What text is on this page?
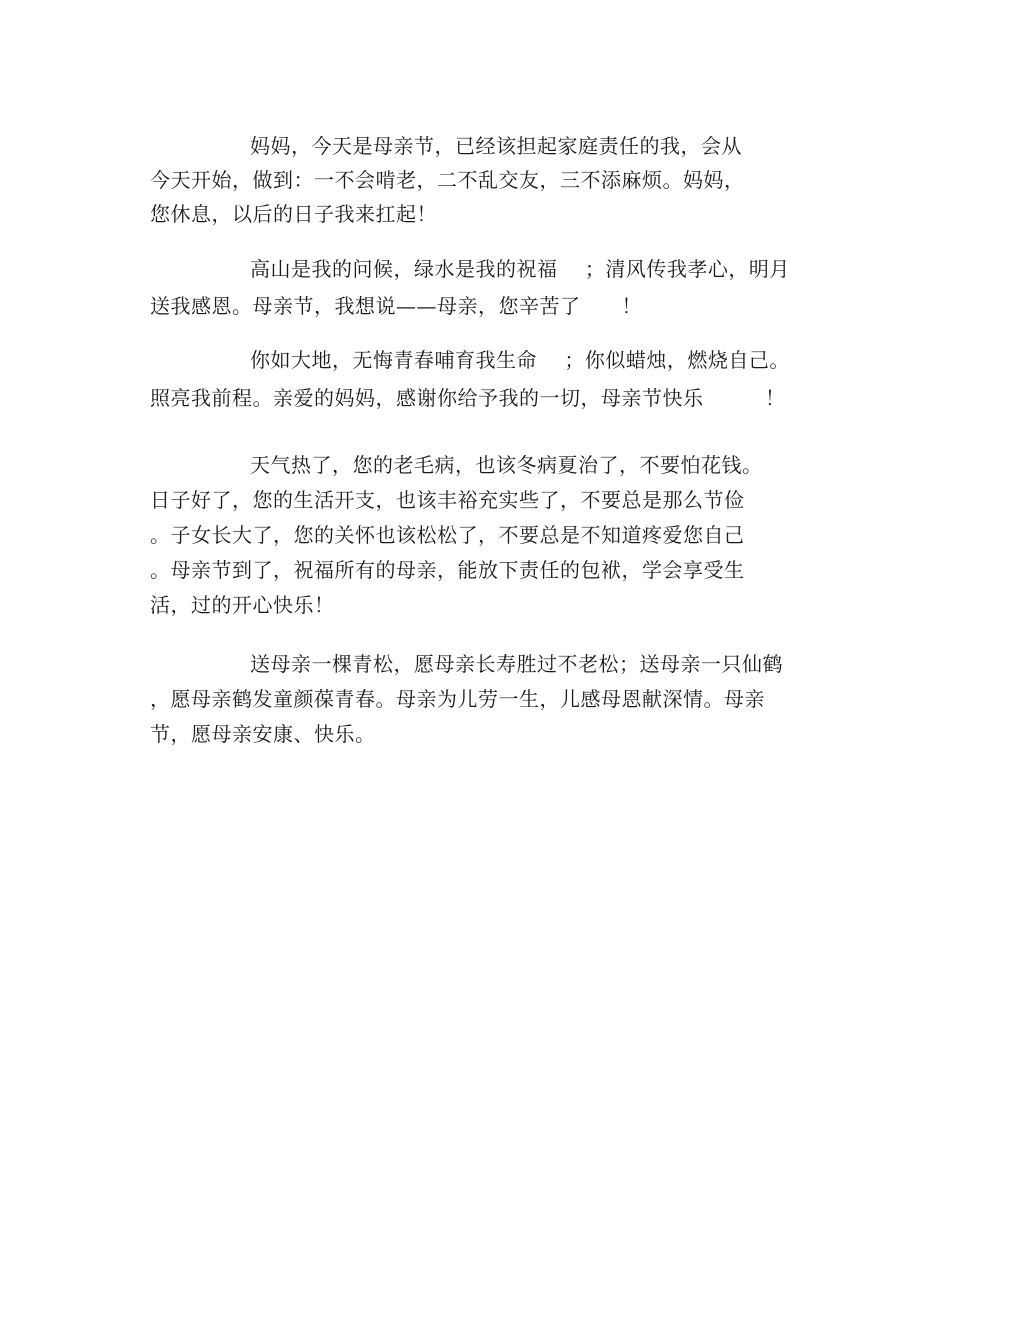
妈妈，今天是母亲节，已经该担起家庭责任的我，会从
今天开始，做到：一不会啃老，二不乱交友，三不添麻烦。妈妈，
您休息，以后的日子我来扛起！
高山是我的问候，绿水是我的祝福　 ；清风传我孝心，明月
送我感恩。母亲节，我想说——母亲，您辛苦了　　！
你如大地，无悔青春哺育我生命　 ；你似蜡烛，燃烧自己。
照亮我前程。亲爱的妈妈，感谢你给予我的一切，母亲节快乐　　　！
天气热了，您的老毛病，也该冬病夏治了，不要怕花钱。
日子好了，您的生活开支，也该丰裕充实些了，不要总是那么节俭
。子女长大了，您的关怀也该松松了，不要总是不知道疼爱您自己
。母亲节到了，祝福所有的母亲，能放下责任的包袱，学会享受生
活，过的开心快乐！
送母亲一棵青松，愿母亲长寿胜过不老松；送母亲一只仙鹤
，愿母亲鹤发童颜葆青春。母亲为儿劳一生，儿感母恩献深情。母亲
节，愿母亲安康、快乐。
